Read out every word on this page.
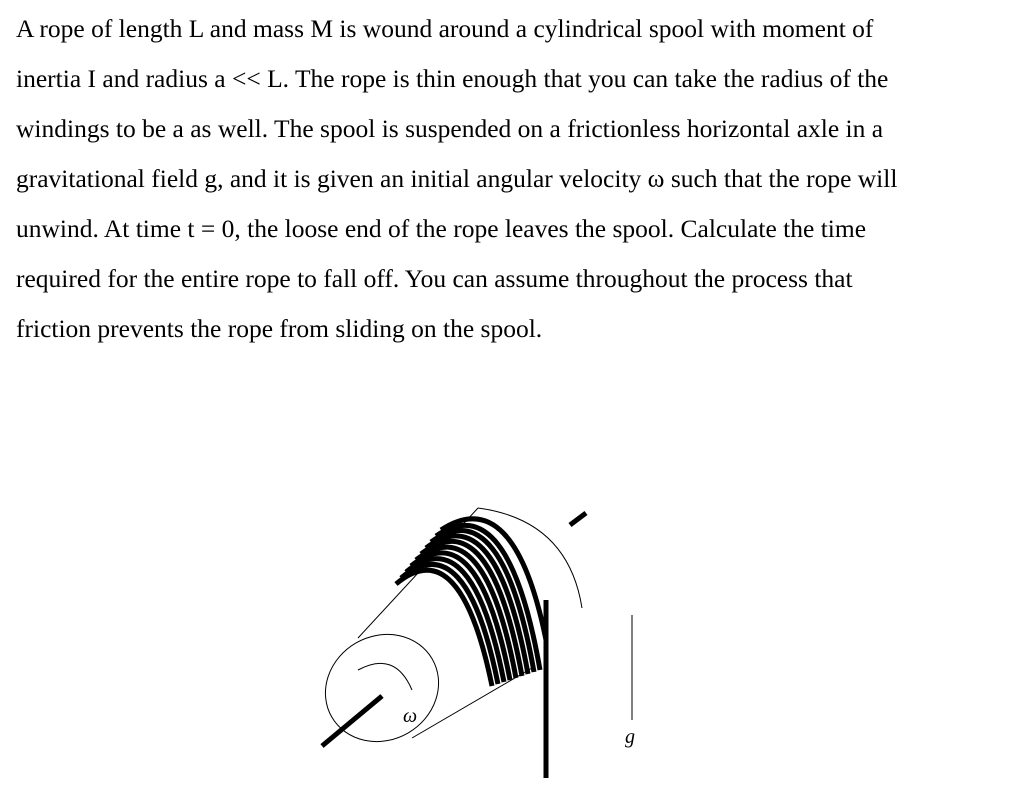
A rope of length L and mass M is wound around a cylindrical spool with moment of
inertia I and radius a << L. The rope is thin enough that you can take the radius of the
windings to be a as well. The spool is suspended on a frictionless horizontal axle in a
gravitational field g, and it is given an initial angular velocity ω such that the rope will
unwind. At time t = 0, the loose end of the rope leaves the spool. Calculate the time
required for the entire rope to fall off. You can assume throughout the process that
friction prevents the rope from sliding on the spool.
ω
g
